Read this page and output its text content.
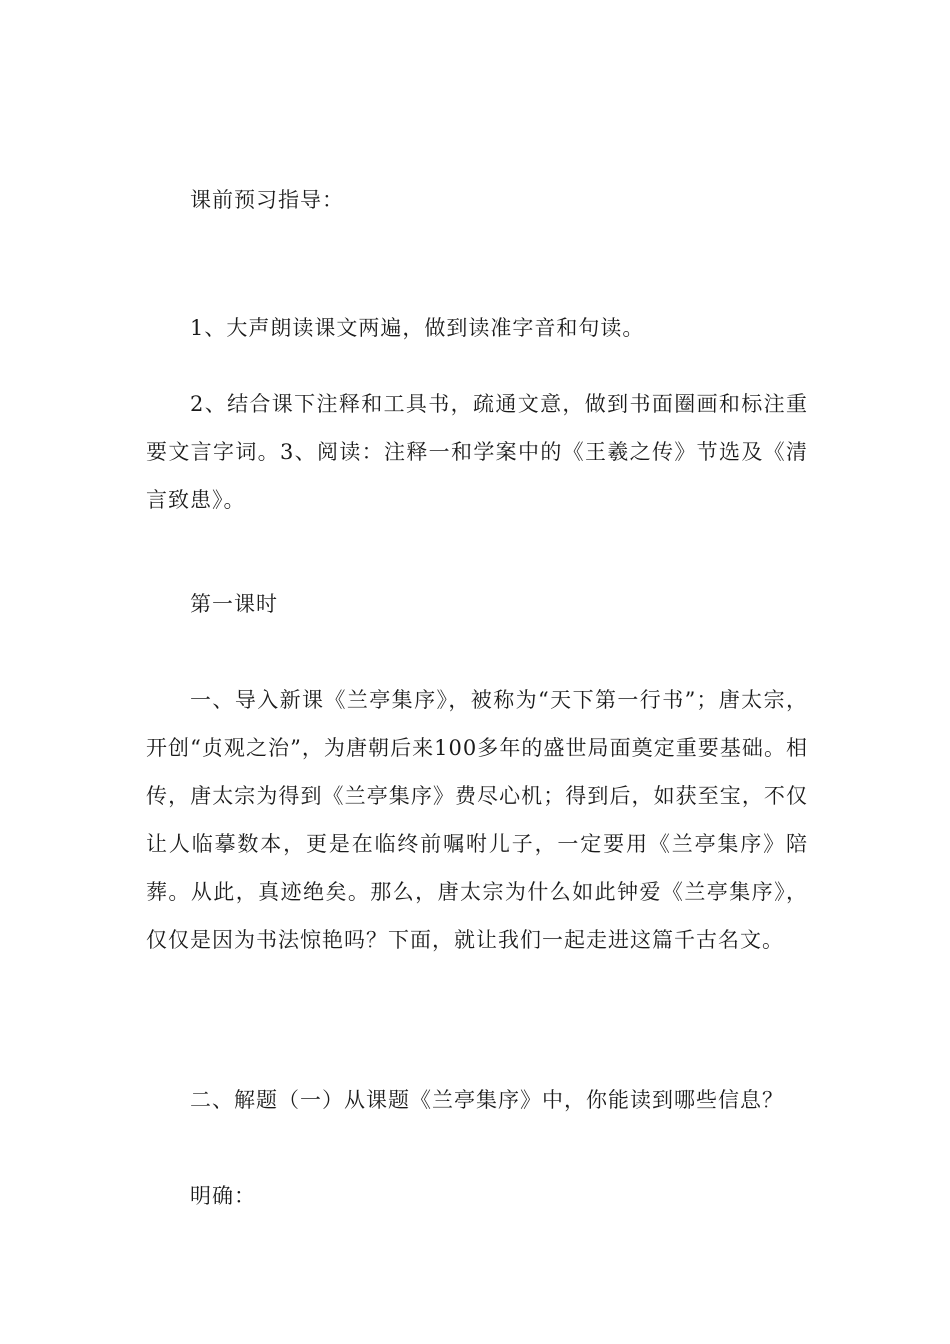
课前预习指导：

1、大声朗读课文两遍，做到读准字音和句读。

2、结合课下注释和工具书，疏通文意，做到书面圈画和标注重要文言字词。3、阅读：注释一和学案中的《王羲之传》节选及《清言致患》。

第一课时

一、导入新课《兰亭集序》，被称为“天下第一行书”；唐太宗，开创“贞观之治”，为唐朝后来100多年的盛世局面奠定重要基础。相传，唐太宗为得到《兰亭集序》费尽心机；得到后，如获至宝，不仅让人临摹数本，更是在临终前嘱咐儿子，一定要用《兰亭集序》陪葬。从此，真迹绝矣。那么，唐太宗为什么如此钟爱《兰亭集序》，仅仅是因为书法惊艳吗？下面，就让我们一起走进这篇千古名文。

二、解题（一）从课题《兰亭集序》中，你能读到哪些信息？

明确：
